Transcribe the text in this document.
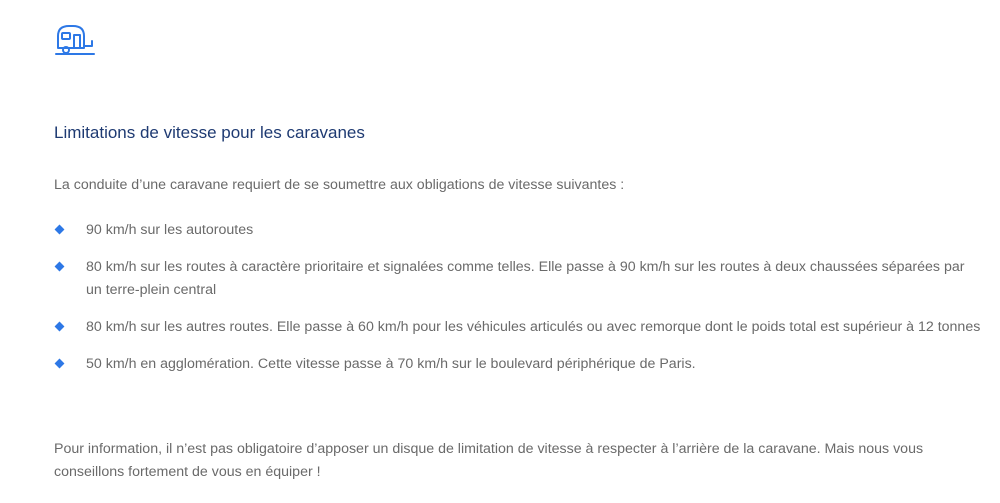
Limitations de vitesse pour les caravanes

La conduite d’une caravane requiert de se soumettre aux obligations de vitesse suivantes :

90 km/h sur les autoroutes
80 km/h sur les routes à caractère prioritaire et signalées comme telles. Elle passe à 90 km/h sur les routes à deux chaussées séparées par un terre-plein central
80 km/h sur les autres routes. Elle passe à 60 km/h pour les véhicules articulés ou avec remorque dont le poids total est supérieur à 12 tonnes
50 km/h en agglomération. Cette vitesse passe à 70 km/h sur le boulevard périphérique de Paris.

Pour information, il n’est pas obligatoire d’apposer un disque de limitation de vitesse à respecter à l’arrière de la caravane. Mais nous vous conseillons fortement de vous en équiper !
